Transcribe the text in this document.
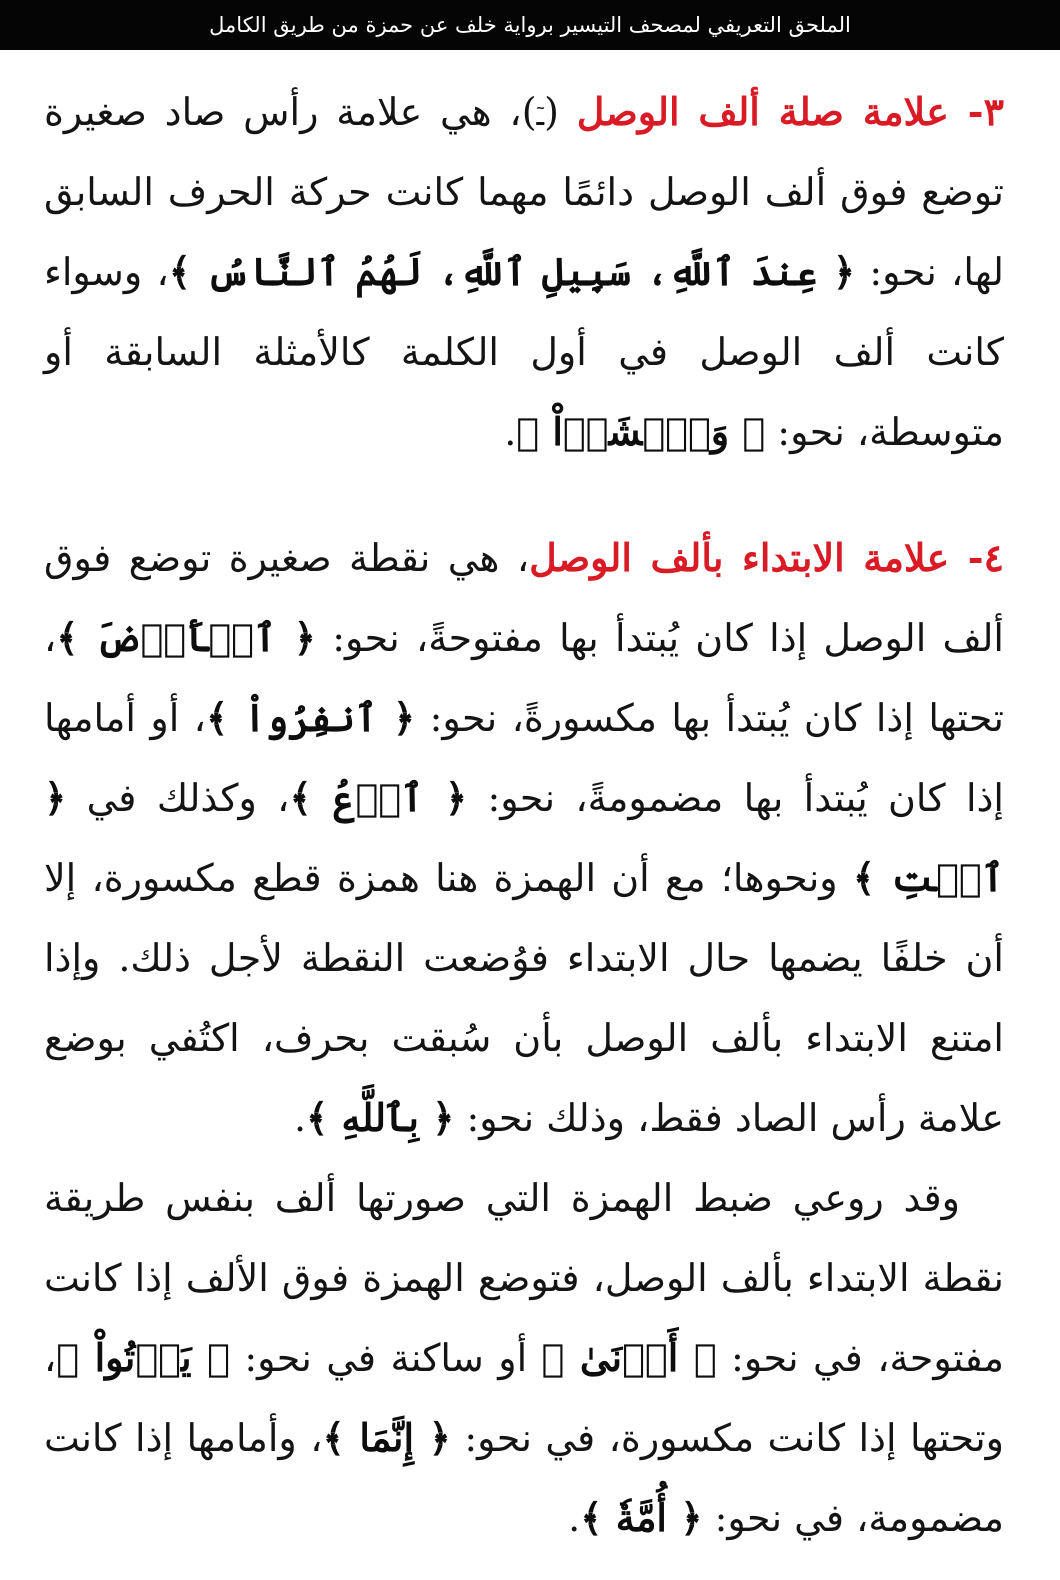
الملحق التعريفي لمصحف التيسير برواية خلف عن حمزة من طريق الكامل

٣- علامة صلة ألف الوصل (ـٙ)، هي علامة رأس صاد صغيرة توضع فوق ألف الوصل دائمًا مهما كانت حركة الحرف السابق لها، نحو: ﴿ عِندَ ٱللَّهِ، سَبِيلِ ٱللَّهِ، لَهُمُ ٱلنَّاسُ ﴾، وسواء كانت ألف الوصل في أول الكلمة كالأمثلة السابقة أو متوسطة، نحو: ﴿ وَٱخۡشَوۡاْ ﴾.

٤- علامة الابتداء بألف الوصل، هي نقطة صغيرة توضع فوق ألف الوصل إذا كان يُبتدأ بها مفتوحةً، نحو: ﴿ ٱلۡأَرۡضَ ﴾، تحتها إذا كان يُبتدأ بها مكسورةً، نحو: ﴿ ٱنفِرُواْ ﴾، أو أمامها إذا كان يُبتدأ بها مضمومةً، نحو: ﴿ ٱدۡعُ ﴾، وكذلك في ﴿ ٱئۡتِ ﴾ ونحوها؛ مع أن الهمزة هنا همزة قطع مكسورة، إلا أن خلفًا يضمها حال الابتداء فوُضعت النقطة لأجل ذلك. وإذا امتنع الابتداء بألف الوصل بأن سُبقت بحرف، اكتُفي بوضع علامة رأس الصاد فقط، وذلك نحو: ﴿ بِٱللَّهِ ﴾.

وقد روعي ضبط الهمزة التي صورتها ألف بنفس طريقة نقطة الابتداء بألف الوصل، فتوضع الهمزة فوق الألف إذا كانت مفتوحة، في نحو: ﴿ أَدۡنَىٰ ﴾ أو ساكنة في نحو: ﴿ يَأۡتُواْ ﴾، وتحتها إذا كانت مكسورة، في نحو: ﴿ إِنَّمَا ﴾، وأمامها إذا كانت مضمومة، في نحو: ﴿ أُمَّةٗ ﴾.
